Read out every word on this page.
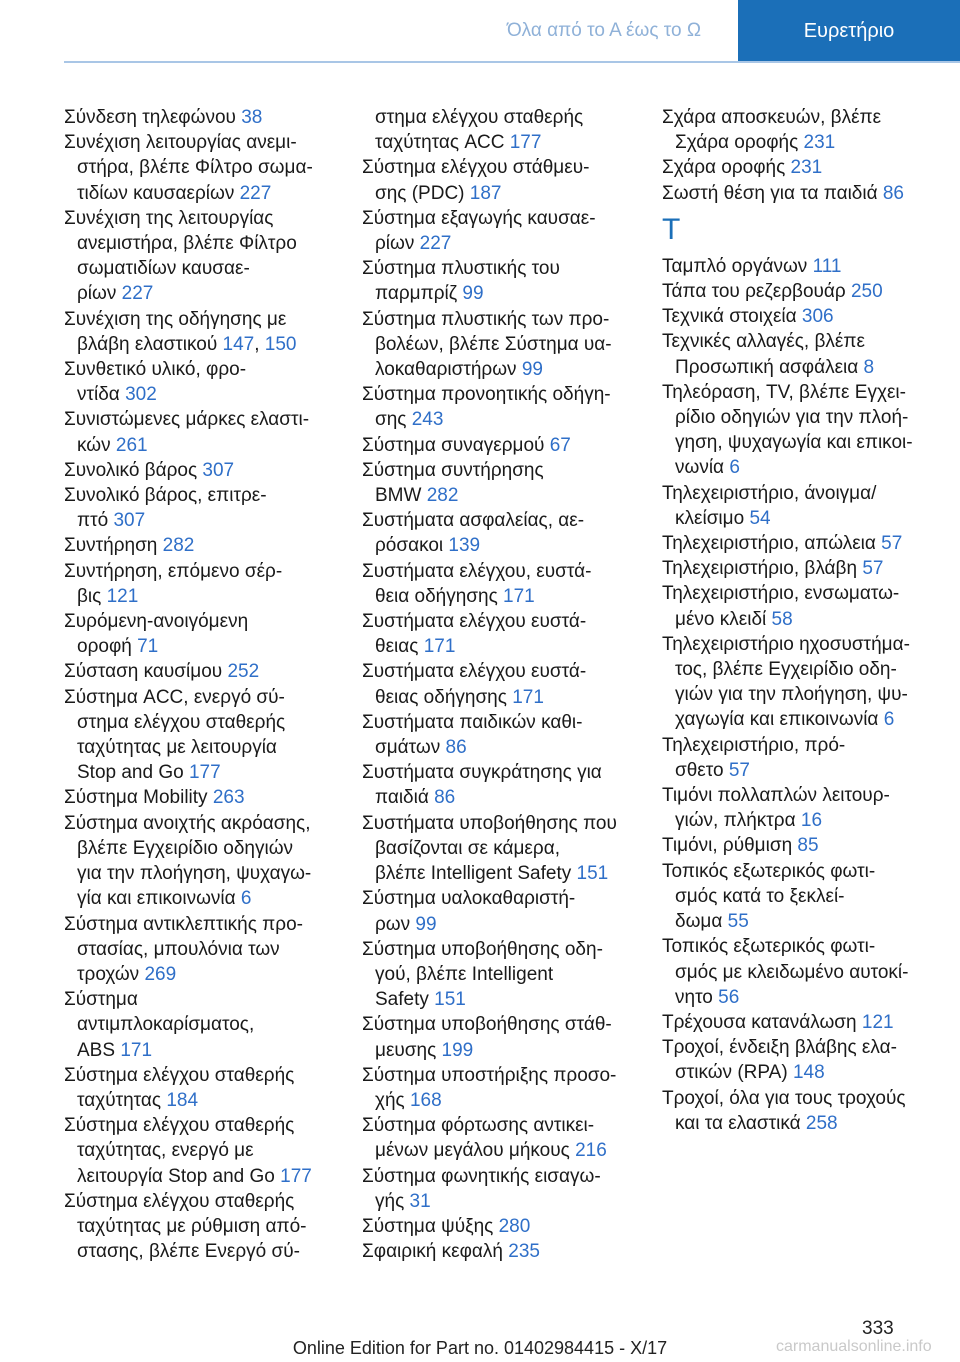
Όλα από το Α έως το Ω	Ευρετήριο
Σύνδεση τηλεφώνου 38
Συνέχιση λειτουργίας ανεμι-
στήρα, βλέπε Φίλτρο σωμα-
τιδίων καυσαερίων 227
Συνέχιση της λειτουργίας
ανεμιστήρα, βλέπε Φίλτρο
σωματιδίων καυσαε-
ρίων 227
Συνέχιση της οδήγησης με
βλάβη ελαστικού 147, 150
Συνθετικό υλικό, φρο-
ντίδα 302
Συνιστώμενες μάρκες ελαστι-
κών 261
Συνολικό βάρος 307
Συνολικό βάρος, επιτρε-
πτό 307
Συντήρηση 282
Συντήρηση, επόμενο σέρ-
βις 121
Συρόμενη-ανοιγόμενη
οροφή 71
Σύσταση καυσίμου 252
Σύστημα ACC, ενεργό σύ-
στημα ελέγχου σταθερής
ταχύτητας με λειτουργία
Stop and Go 177
Σύστημα Mobility 263
Σύστημα ανοιχτής ακρόασης,
βλέπε Εγχειρίδιο οδηγιών
για την πλοήγηση, ψυχαγω-
γία και επικοινωνία 6
Σύστημα αντικλεπτικής προ-
στασίας, μπουλόνια των
τροχών 269
Σύστημα
αντιμπλοκαρίσματος,
ABS 171
Σύστημα ελέγχου σταθερής
ταχύτητας 184
Σύστημα ελέγχου σταθερής
ταχύτητας, ενεργό με
λειτουργία Stop and Go 177
Σύστημα ελέγχου σταθερής
ταχύτητας με ρύθμιση από-
στασης, βλέπε Ενεργό σύ-
στημα ελέγχου σταθερής
ταχύτητας ACC 177
Σύστημα ελέγχου στάθμευ-
σης (PDC) 187
Σύστημα εξαγωγής καυσαε-
ρίων 227
Σύστημα πλυστικής του
παρμπρίζ 99
Σύστημα πλυστικής των προ-
βολέων, βλέπε Σύστημα υα-
λοκαθαριστήρων 99
Σύστημα προνοητικής οδήγη-
σης 243
Σύστημα συναγερμού 67
Σύστημα συντήρησης
BMW 282
Συστήματα ασφαλείας, αε-
ρόσακοι 139
Συστήματα ελέγχου, ευστά-
θεια οδήγησης 171
Συστήματα ελέγχου ευστά-
θειας 171
Συστήματα ελέγχου ευστά-
θειας οδήγησης 171
Συστήματα παιδικών καθι-
σμάτων 86
Συστήματα συγκράτησης για
παιδιά 86
Συστήματα υποβοήθησης που
βασίζονται σε κάμερα,
βλέπε Intelligent Safety 151
Σύστημα υαλοκαθαριστή-
ρων 99
Σύστημα υποβοήθησης οδη-
γού, βλέπε Intelligent
Safety 151
Σύστημα υποβοήθησης στάθ-
μευσης 199
Σύστημα υποστήριξης προσο-
χής 168
Σύστημα φόρτωσης αντικει-
μένων μεγάλου μήκους 216
Σύστημα φωνητικής εισαγω-
γής 31
Σύστημα ψύξης 280
Σφαιρική κεφαλή 235
Σχάρα αποσκευών, βλέπε
Σχάρα οροφής 231
Σχάρα οροφής 231
Σωστή θέση για τα παιδιά 86
T
Ταμπλό οργάνων 111
Τάπα του ρεζερβουάρ 250
Τεχνικά στοιχεία 306
Τεχνικές αλλαγές, βλέπε
Προσωπική ασφάλεια 8
Τηλεόραση, TV, βλέπε Εγχει-
ρίδιο οδηγιών για την πλοή-
γηση, ψυχαγωγία και επικοι-
νωνία 6
Τηλεχειριστήριο, άνοιγμα/
κλείσιμο 54
Τηλεχειριστήριο, απώλεια 57
Τηλεχειριστήριο, βλάβη 57
Τηλεχειριστήριο, ενσωματω-
μένο κλειδί 58
Τηλεχειριστήριο ηχοσυστήμα-
τος, βλέπε Εγχειρίδιο οδη-
γιών για την πλοήγηση, ψυ-
χαγωγία και επικοινωνία 6
Τηλεχειριστήριο, πρό-
σθετο 57
Τιμόνι πολλαπλών λειτουρ-
γιών, πλήκτρα 16
Τιμόνι, ρύθμιση 85
Τοπικός εξωτερικός φωτι-
σμός κατά το ξεκλεί-
δωμα 55
Τοπικός εξωτερικός φωτι-
σμός με κλειδωμένο αυτοκί-
νητο 56
Τρέχουσα κατανάλωση 121
Τροχοί, ένδειξη βλάβης ελα-
στικών (RPA) 148
Τροχοί, όλα για τους τροχούς
και τα ελαστικά 258
333
Online Edition for Part no. 01402984415 - X/17	carmanualsonline.info
